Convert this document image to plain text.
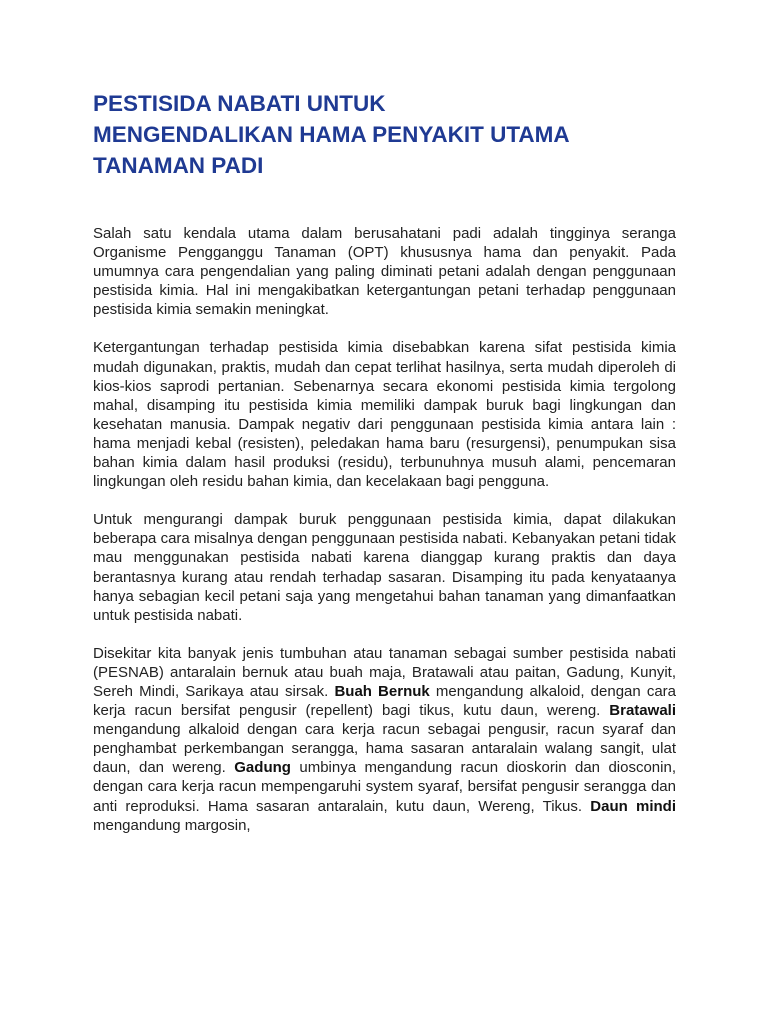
PESTISIDA NABATI UNTUK
MENGENDALIKAN HAMA PENYAKIT UTAMA
TANAMAN PADI

Salah satu kendala utama dalam berusahatani padi adalah tingginya serangа Organisme Pengganggu Tanaman (OPT) khususnya hama dan penyakit. Pada umumnya cara pengendalian yang paling diminati petani adalah dengan penggunaan pestisida kimia. Hal ini mengakibatkan ketergantungan petani terhadap penggunaan pestisida kimia semakin meningkat.

Ketergantungan terhadap pestisida kimia disebabkan karena sifat pestisida kimia mudah digunakan, praktis, mudah dan cepat terlihat hasilnya, serta mudah diperoleh di kios-kios saprodi pertanian. Sebenarnya secara ekonomi pestisida kimia tergolong mahal, disamping itu pestisida kimia memiliki dampak buruk bagi lingkungan dan kesehatan manusia. Dampak negativ dari penggunaan pestisida kimia antara lain : hama menjadi kebal (resisten), peledakan hama baru (resurgensi), penumpukan sisa bahan kimia dalam hasil produksi (residu), terbunuhnya musuh alami, pencemaran lingkungan oleh residu bahan kimia, dan kecelakaan bagi pengguna.

Untuk mengurangi dampak buruk penggunaan pestisida kimia, dapat dilakukan beberapa cara misalnya dengan penggunaan pestisida nabati. Kebanyakan petani tidak mau menggunakan pestisida nabati karena dianggap kurang praktis dan daya berantasnya kurang atau rendah terhadap sasaran. Disamping itu pada kenyataanya hanya sebagian kecil petani saja yang mengetahui bahan tanaman yang dimanfaatkan untuk pestisida nabati.

Disekitar kita banyak jenis tumbuhan atau tanaman sebagai sumber pestisida nabati (PESNAB) antaralain bernuk atau buah maja, Bratawali atau paitan, Gadung, Kunyit, Sereh Mindi, Sarikaya atau sirsak. Buah Bernuk mengandung alkaloid, dengan cara kerja racun bersifat pengusir (repellent) bagi tikus, kutu daun, wereng. Bratawali mengandung alkaloid dengan cara kerja racun sebagai pengusir, racun syaraf dan penghambat perkembangan serangga, hama sasaran antaralain walang sangit, ulat daun, dan wereng. Gadung umbinya mengandung racun dioskorin dan diosconin, dengan cara kerja racun mempengaruhi system syaraf, bersifat pengusir serangga dan anti reproduksi. Hama sasaran antaralain, kutu daun, Wereng, Tikus. Daun mindi mengandung margosin,
